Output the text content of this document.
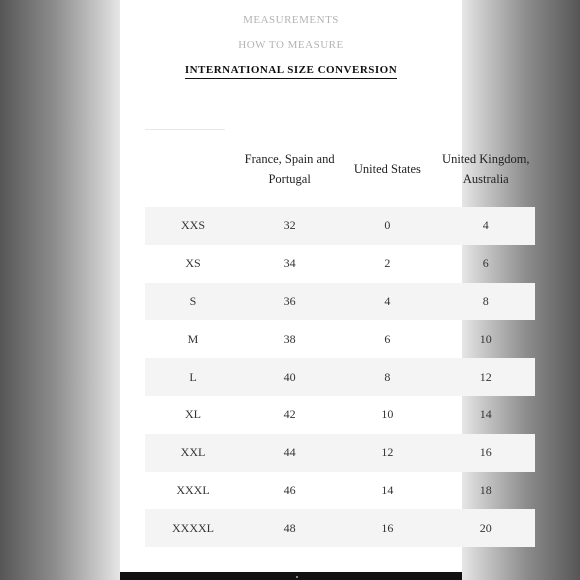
MEASUREMENTS
HOW TO MEASURE
INTERNATIONAL SIZE CONVERSION
	France, Spain and Portugal	United States	United Kingdom, Australia
XXS	32	0	4
XS	34	2	6
S	36	4	8
M	38	6	10
L	40	8	12
XL	42	10	14
XXL	44	12	16
XXXL	46	14	18
XXXXL	48	16	20
